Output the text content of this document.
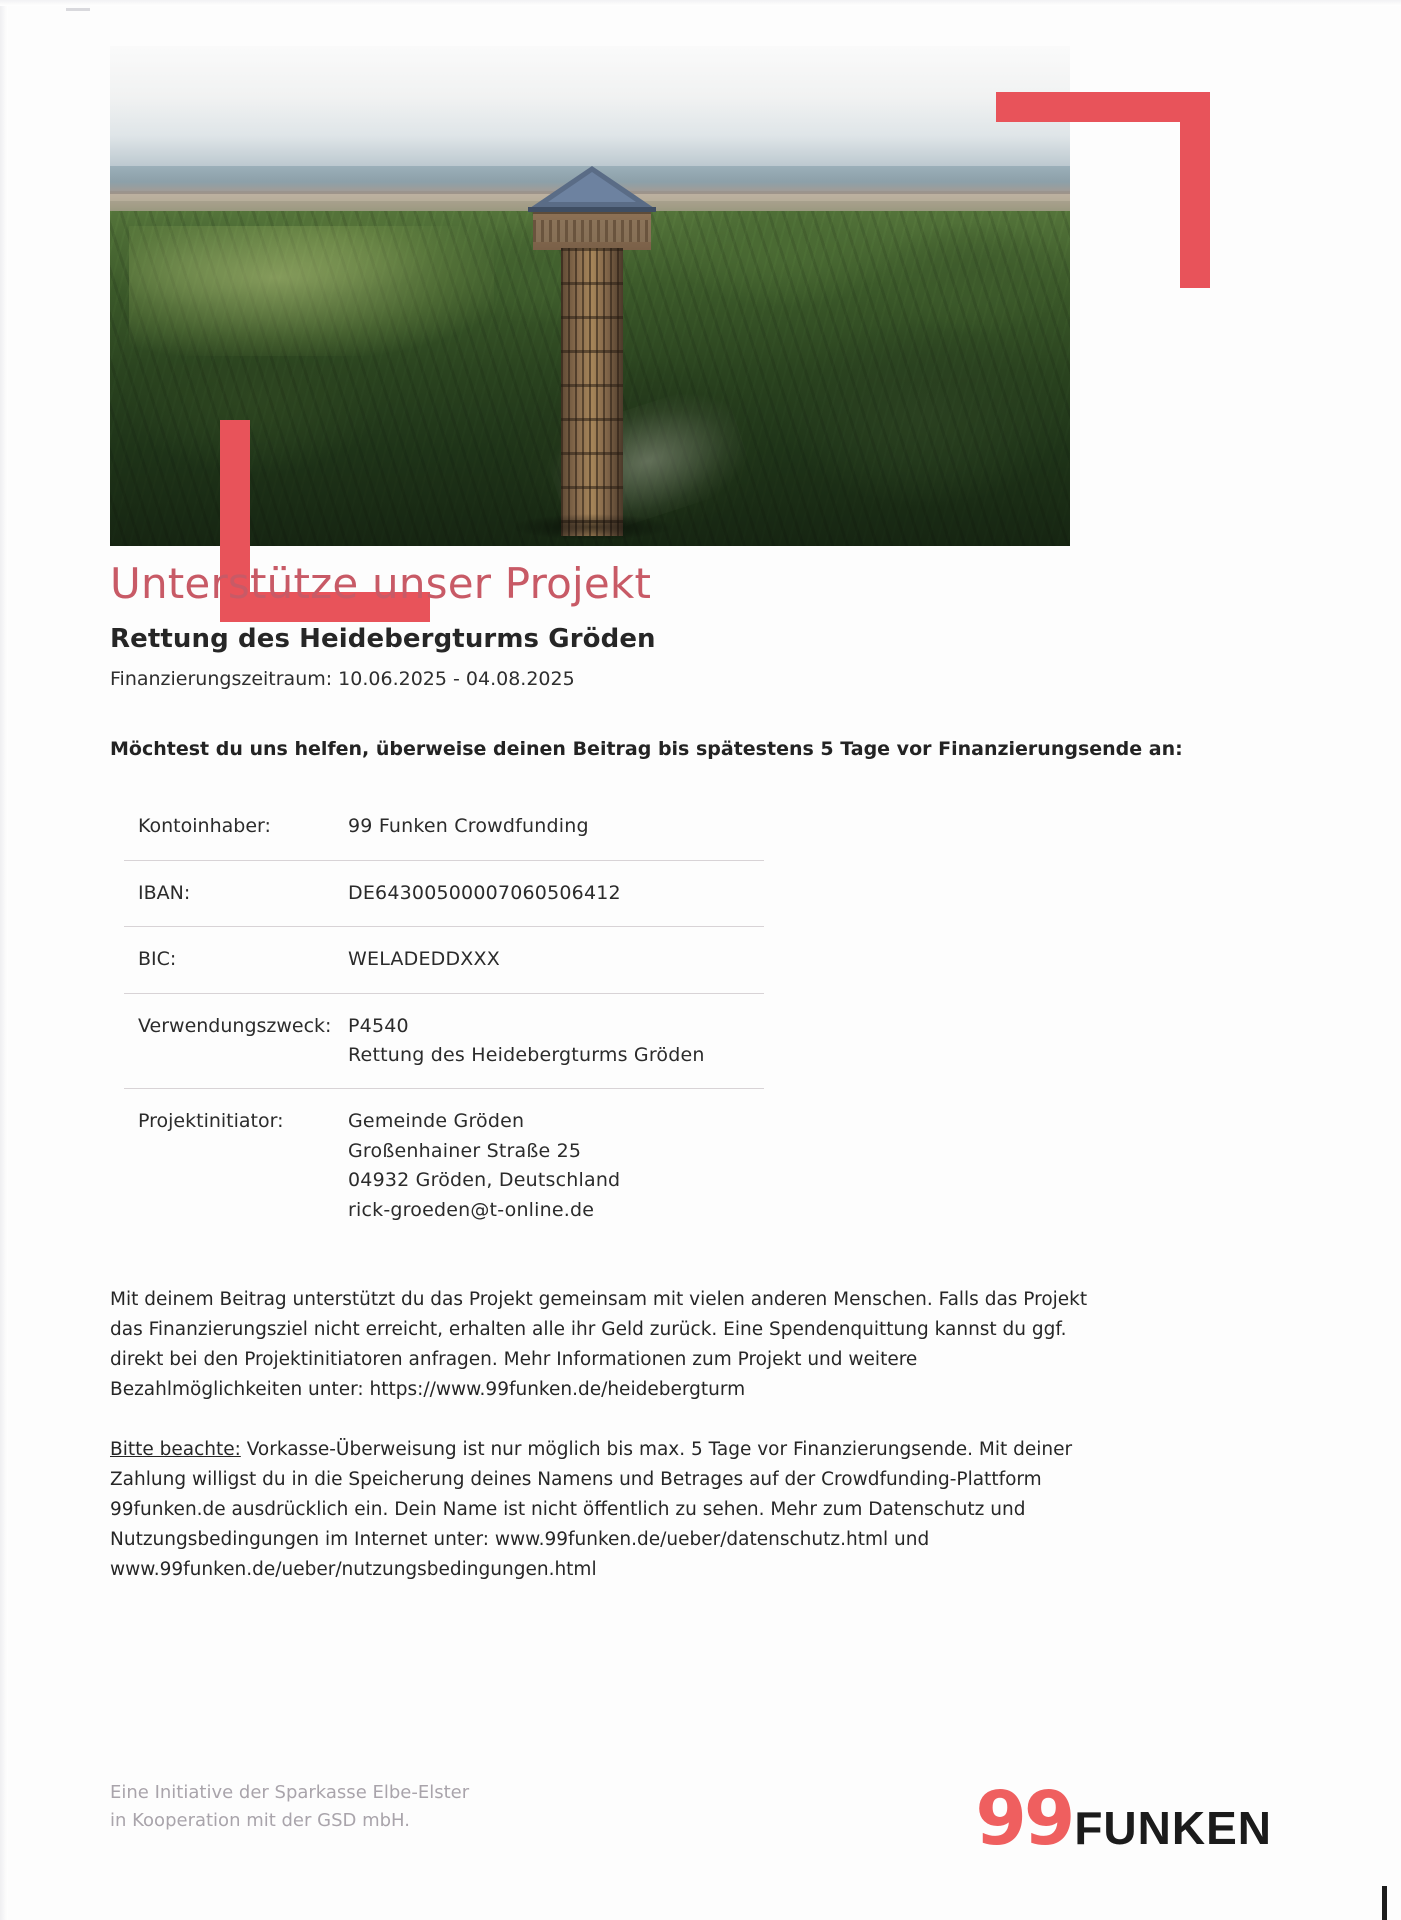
Unterstütze unser Projekt
Rettung des Heidebergturms Gröden

Finanzierungszeitraum: 10.06.2025 - 04.08.2025

Möchtest du uns helfen, überweise deinen Beitrag bis spätestens 5 Tage vor Finanzierungsende an:

Kontoinhaber:	99 Funken Crowdfunding

IBAN:	DE64300500007060506412

BIC:	WELADEDDXXX

Verwendungszweck:	P4540
Rettung des Heidebergturms Gröden

Projektinitiator:	Gemeinde Gröden
Großenhainer Straße 25
04932 Gröden, Deutschland
rick-groeden@t-online.de

Mit deinem Beitrag unterstützt du das Projekt gemeinsam mit vielen anderen Menschen. Falls das Projekt das Finanzierungsziel nicht erreicht, erhalten alle ihr Geld zurück. Eine Spendenquittung kannst du ggf. direkt bei den Projektinitiatoren anfragen. Mehr Informationen zum Projekt und weitere Bezahlmöglichkeiten unter: https://www.99funken.de/heidebergturm

Bitte beachte: Vorkasse-Überweisung ist nur möglich bis max. 5 Tage vor Finanzierungsende. Mit deiner Zahlung willigst du in die Speicherung deines Namens und Betrages auf der Crowdfunding-Plattform 99funken.de ausdrücklich ein. Dein Name ist nicht öffentlich zu sehen. Mehr zum Datenschutz und Nutzungsbedingungen im Internet unter: www.99funken.de/ueber/datenschutz.html und www.99funken.de/ueber/nutzungsbedingungen.html

Eine Initiative der Sparkasse Elbe-Elster
in Kooperation mit der GSD mbH.	99 FUNKEN
